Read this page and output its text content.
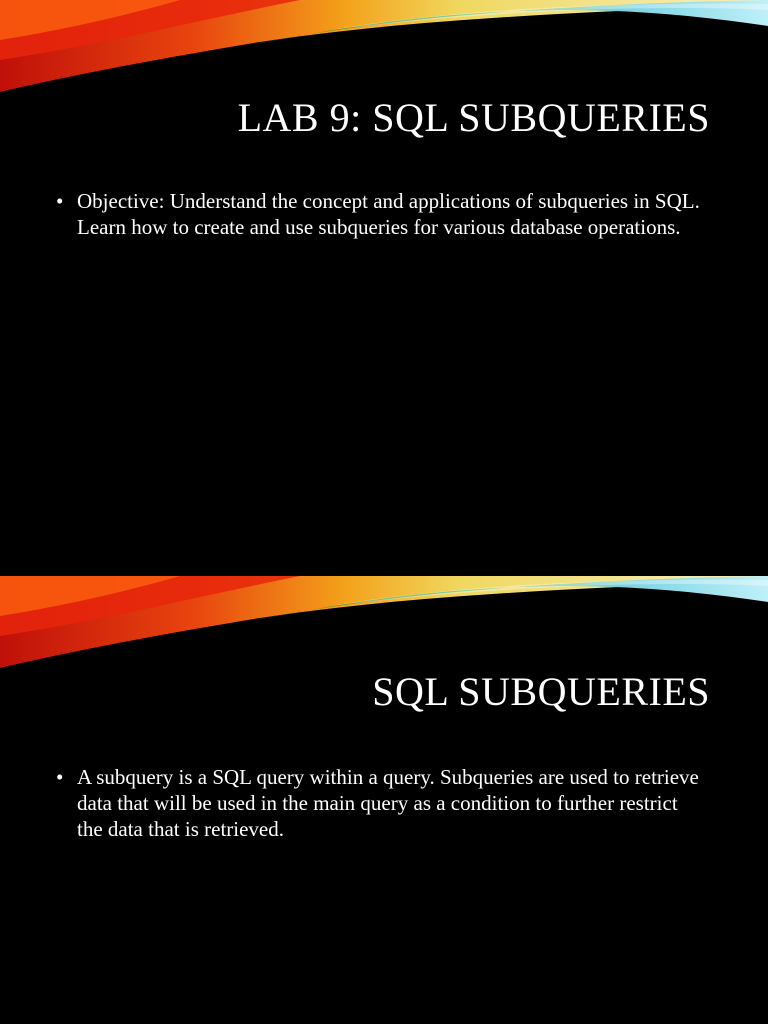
LAB 9: SQL SUBQUERIES
• Objective: Understand the concept and applications of subqueries in SQL. Learn how to create and use subqueries for various database operations.
SQL SUBQUERIES
• A subquery is a SQL query within a query. Subqueries are used to retrieve data that will be used in the main query as a condition to further restrict the data that is retrieved.
